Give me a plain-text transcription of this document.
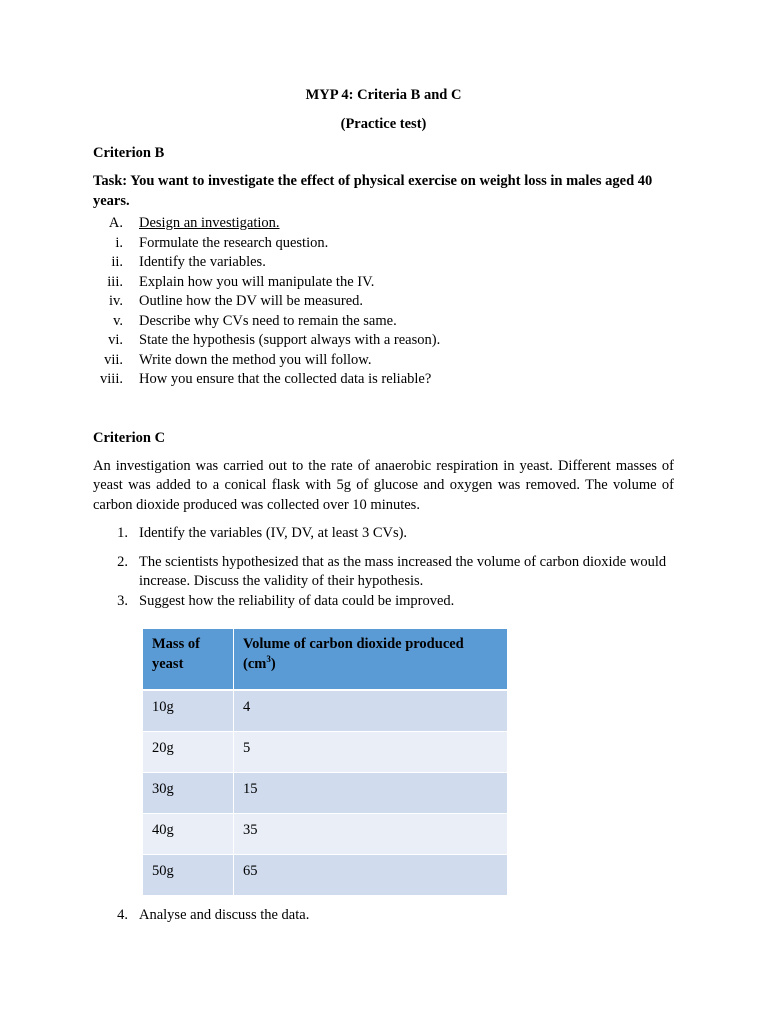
MYP 4: Criteria B and C

(Practice test)

Criterion B

Task: You want to investigate the effect of physical exercise on weight loss in males aged 40 years.

A.	Design an investigation.
i.	Formulate the research question.
ii.	Identify the variables.
iii.	Explain how you will manipulate the IV.
iv.	Outline how the DV will be measured.
v.	Describe why CVs need to remain the same.
vi.	State the hypothesis (support always with a reason).
vii.	Write down the method you will follow.
viii.	How you ensure that the collected data is reliable?

Criterion C

An investigation was carried out to the rate of anaerobic respiration in yeast. Different masses of yeast was added to a conical flask with 5g of glucose and oxygen was removed. The volume of carbon dioxide produced was collected over 10 minutes.

1. Identify the variables (IV, DV, at least 3 CVs).
2. The scientists hypothesized that as the mass increased the volume of carbon dioxide would increase. Discuss the validity of their hypothesis.
3. Suggest how the reliability of data could be improved.
Mass of yeast	Volume of carbon dioxide produced $(cm^3)$
10g	4
20g	5
30g	15
40g	35
50g	65
4. Analyse and discuss the data.
